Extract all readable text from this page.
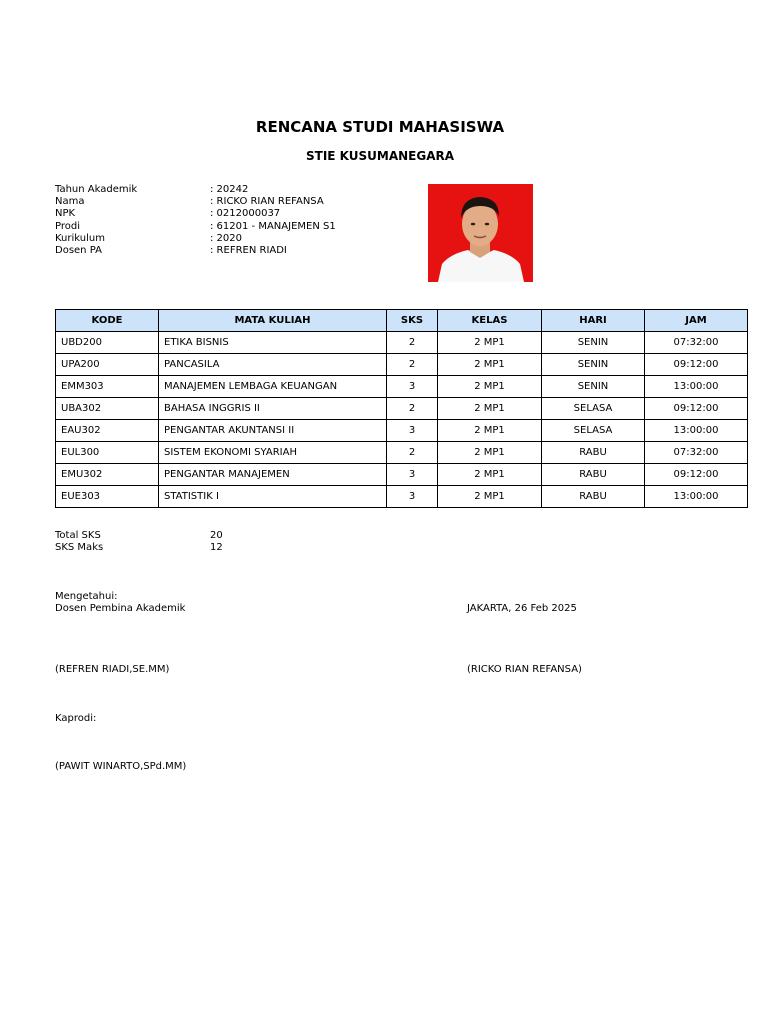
RENCANA STUDI MAHASISWA
STIE KUSUMANEGARA
Tahun Akademik	: 20242
Nama	: RICKO RIAN REFANSA
NPK	: 0212000037
Prodi	: 61201 - MANAJEMEN S1
Kurikulum	: 2020
Dosen PA	: REFREN RIADI
KODE	MATA KULIAH	SKS	KELAS	HARI	JAM
UBD200	ETIKA BISNIS	2	2 MP1	SENIN	07:32:00
UPA200	PANCASILA	2	2 MP1	SENIN	09:12:00
EMM303	MANAJEMEN LEMBAGA KEUANGAN	3	2 MP1	SENIN	13:00:00
UBA302	BAHASA INGGRIS II	2	2 MP1	SELASA	09:12:00
EAU302	PENGANTAR AKUNTANSI II	3	2 MP1	SELASA	13:00:00
EUL300	SISTEM EKONOMI SYARIAH	2	2 MP1	RABU	07:32:00
EMU302	PENGANTAR MANAJEMEN	3	2 MP1	RABU	09:12:00
EUE303	STATISTIK I	3	2 MP1	RABU	13:00:00
Total SKS	20
SKS Maks	12
Mengetahui:
Dosen Pembina Akademik	JAKARTA, 26 Feb 2025
(REFREN RIADI,SE.MM)	(RICKO RIAN REFANSA)
Kaprodi:
(PAWIT WINARTO,SPd.MM)
